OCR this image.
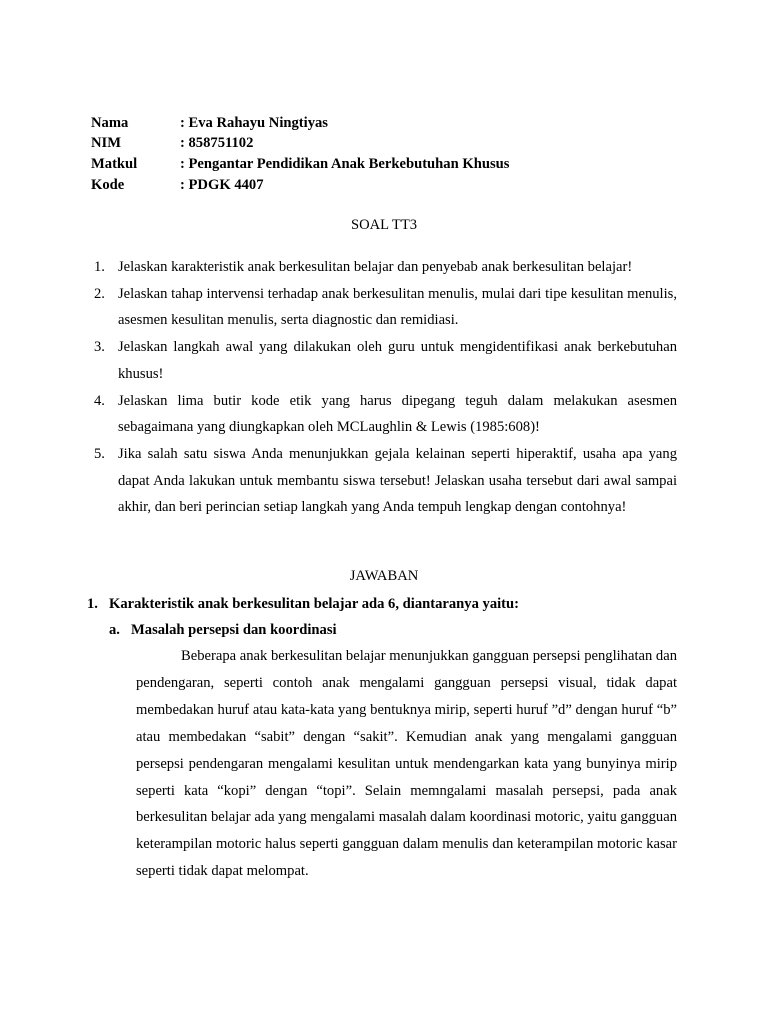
Nama	: Eva Rahayu Ningtiyas
NIM	: 858751102
Matkul	: Pengantar Pendidikan Anak Berkebutuhan Khusus
Kode	: PDGK 4407
SOAL TT3
1. Jelaskan karakteristik anak berkesulitan belajar dan penyebab anak berkesulitan belajar!
2. Jelaskan tahap intervensi terhadap anak berkesulitan menulis, mulai dari tipe kesulitan menulis, asesmen kesulitan menulis, serta diagnostic dan remidiasi.
3. Jelaskan langkah awal yang dilakukan oleh guru untuk mengidentifikasi anak berkebutuhan khusus!
4. Jelaskan lima butir kode etik yang harus dipegang teguh dalam melakukan asesmen sebagaimana yang diungkapkan oleh MCLaughlin & Lewis (1985:608)!
5. Jika salah satu siswa Anda menunjukkan gejala kelainan seperti hiperaktif, usaha apa yang dapat Anda lakukan untuk membantu siswa tersebut! Jelaskan usaha tersebut dari awal sampai akhir, dan beri perincian setiap langkah yang Anda tempuh lengkap dengan contohnya!
JAWABAN
1. Karakteristik anak berkesulitan belajar ada 6, diantaranya yaitu:
a. Masalah persepsi dan koordinasi

Beberapa anak berkesulitan belajar menunjukkan gangguan persepsi penglihatan dan pendengaran, seperti contoh anak mengalami gangguan persepsi visual, tidak dapat membedakan huruf atau kata-kata yang bentuknya mirip, seperti huruf ”d” dengan huruf “b” atau membedakan “sabit” dengan “sakit”. Kemudian anak yang mengalami gangguan persepsi pendengaran mengalami kesulitan untuk mendengarkan kata yang bunyinya mirip seperti kata “kopi” dengan “topi”. Selain memngalami masalah persepsi, pada anak berkesulitan belajar ada yang mengalami masalah dalam koordinasi motoric, yaitu gangguan keterampilan motoric halus seperti gangguan dalam menulis dan keterampilan motoric kasar seperti tidak dapat melompat.
